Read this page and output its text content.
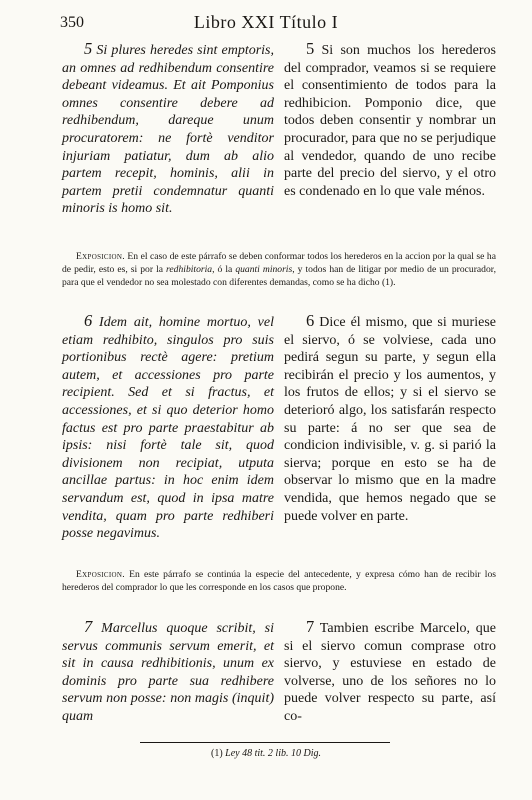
350	Libro XXI Título I

5 Si plures heredes sint emptoris, an omnes ad redhibendum consentire debeant videamus. Et ait Pomponius omnes consentire debere ad redhibendum, dareque unum procuratorem: ne fortè venditor injuriam patiatur, dum ab alio partem recepit, hominis, alii in partem pretii condemnatur quanti minoris is homo sit.

5 Si son muchos los herederos del comprador, veamos si se requiere el consentimiento de todos para la redhibicion. Pomponio dice, que todos deben consentir y nombrar un procurador, para que no se perjudique al vendedor, quando de uno recibe parte del precio del siervo, y el otro es condenado en lo que vale ménos.

Exposicion. En el caso de este párrafo se deben conformar todos los herederos en la accion por la qual se ha de pedir, esto es, si por la redhibitoria, ó la quanti minoris, y todos han de litigar por medio de un procurador, para que el vendedor no sea molestado con diferentes demandas, como se ha dicho (1).

6 Idem ait, homine mortuo, vel etiam redhibito, singulos pro suis portionibus rectè agere: pretium autem, et accessiones pro parte recipient. Sed et si fractus, et accessiones, et si quo deterior homo factus est pro parte praestabitur ab ipsis: nisi fortè tale sit, quod divisionem non recipiat, utputa ancillae partus: in hoc enim idem servandum est, quod in ipsa matre vendita, quam pro parte redhiberi posse negavimus.

6 Dice él mismo, que si muriese el siervo, ó se volviese, cada uno pedirá segun su parte, y segun ella recibirán el precio y los aumentos, y los frutos de ellos; y si el siervo se deterioró algo, los satisfarán respecto su parte: á no ser que sea de condicion indivisible, v. g. si parió la sierva; porque en esto se ha de observar lo mismo que en la madre vendida, que hemos negado que se puede volver en parte.

Exposicion. En este párrafo se continúa la especie del antecedente, y expresa cómo han de recibir los herederos del comprador lo que les corresponde en los casos que propone.

7 Marcellus quoque scribit, si servus communis servum emerit, et sit in causa redhibitionis, unum ex dominis pro parte sua redhibere servum non posse: non magis (inquit) quam

7 Tambien escribe Marcelo, que si el siervo comun comprase otro siervo, y estuviese en estado de volverse, uno de los señores no lo puede volver respecto su parte, así co-

(1) Ley 48 tit. 2 lib. 10 Dig.
